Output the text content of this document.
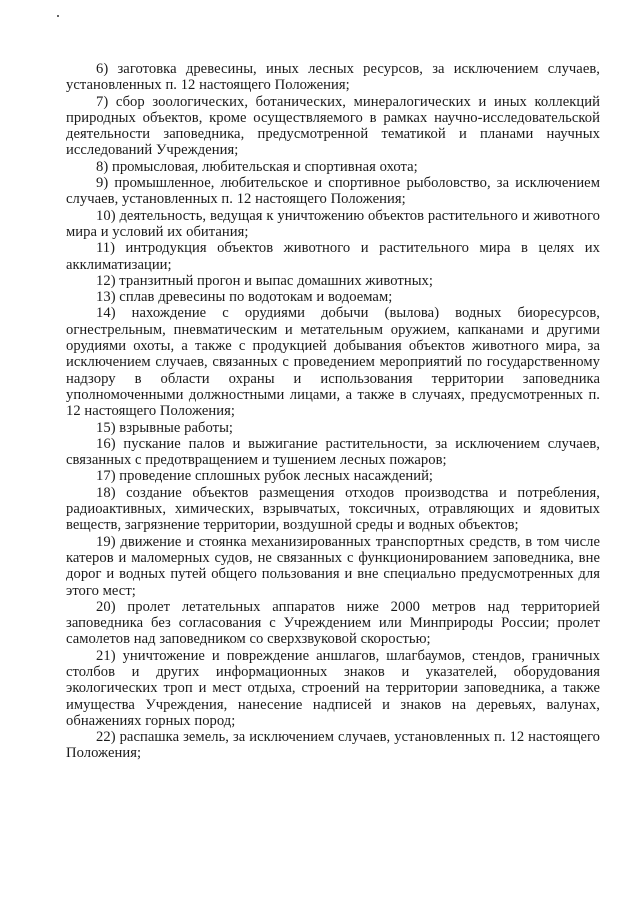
6) заготовка древесины, иных лесных ресурсов, за исключением случаев, установленных п. 12 настоящего Положения;

7) сбор зоологических, ботанических, минералогических и иных коллекций природных объектов, кроме осуществляемого в рамках научно-исследовательской деятельности заповедника, предусмотренной тематикой и планами научных исследований Учреждения;

8) промысловая, любительская и спортивная охота;

9) промышленное, любительское и спортивное рыболовство, за исключением случаев, установленных п. 12 настоящего Положения;

10) деятельность, ведущая к уничтожению объектов растительного и животного мира и условий их обитания;

11) интродукция объектов животного и растительного мира в целях их акклиматизации;

12) транзитный прогон и выпас домашних животных;

13) сплав древесины по водотокам и водоемам;

14) нахождение с орудиями добычи (вылова) водных биоресурсов, огнестрельным, пневматическим и метательным оружием, капканами и другими орудиями охоты, а также с продукцией добывания объектов животного мира, за исключением случаев, связанных с проведением мероприятий по государственному надзору в области охраны и использования территории заповедника уполномоченными должностными лицами, а также в случаях, предусмотренных п. 12 настоящего Положения;

15) взрывные работы;

16) пускание палов и выжигание растительности, за исключением случаев, связанных с предотвращением и тушением лесных пожаров;

17) проведение сплошных рубок лесных насаждений;

18) создание объектов размещения отходов производства и потребления, радиоактивных, химических, взрывчатых, токсичных, отравляющих и ядовитых веществ, загрязнение территории, воздушной среды и водных объектов;

19) движение и стоянка механизированных транспортных средств, в том числе катеров и маломерных судов, не связанных с функционированием заповедника, вне дорог и водных путей общего пользования и вне специально предусмотренных для этого мест;

20) пролет летательных аппаратов ниже 2000 метров над территорией заповедника без согласования с Учреждением или Минприроды России; пролет самолетов над заповедником со сверхзвуковой скоростью;

21) уничтожение и повреждение аншлагов, шлагбаумов, стендов, граничных столбов и других информационных знаков и указателей, оборудования экологических троп и мест отдыха, строений на территории заповедника, а также имущества Учреждения, нанесение надписей и знаков на деревьях, валунах, обнажениях горных пород;

22) распашка земель, за исключением случаев, установленных п. 12 настоящего Положения;
